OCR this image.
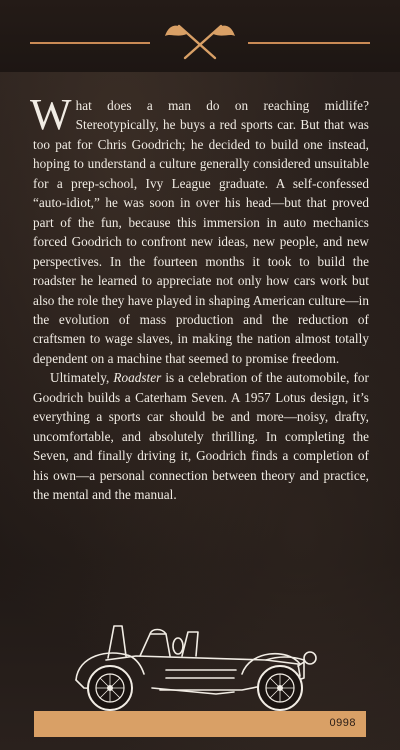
What does a man do on reaching midlife? Stereotypically, he buys a red sports car. But that was too pat for Chris Goodrich; he decided to build one instead, hoping to understand a culture generally considered unsuitable for a prep-school, Ivy League graduate. A self-confessed “auto-idiot,” he was soon in over his head—but that proved part of the fun, because this immersion in auto mechanics forced Goodrich to confront new ideas, new people, and new perspectives. In the fourteen months it took to build the roadster he learned to appreciate not only how cars work but also the role they have played in shaping American culture—in the evolution of mass production and the reduction of craftsmen to wage slaves, in making the nation almost totally dependent on a machine that seemed to promise freedom.

Ultimately, Roadster is a celebration of the automobile, for Goodrich builds a Caterham Seven. A 1957 Lotus design, it’s everything a sports car should be and more—noisy, drafty, uncomfortable, and absolutely thrilling. In completing the Seven, and finally driving it, Goodrich finds a completion of his own—a personal connection between theory and practice, the mental and the manual.

0998
